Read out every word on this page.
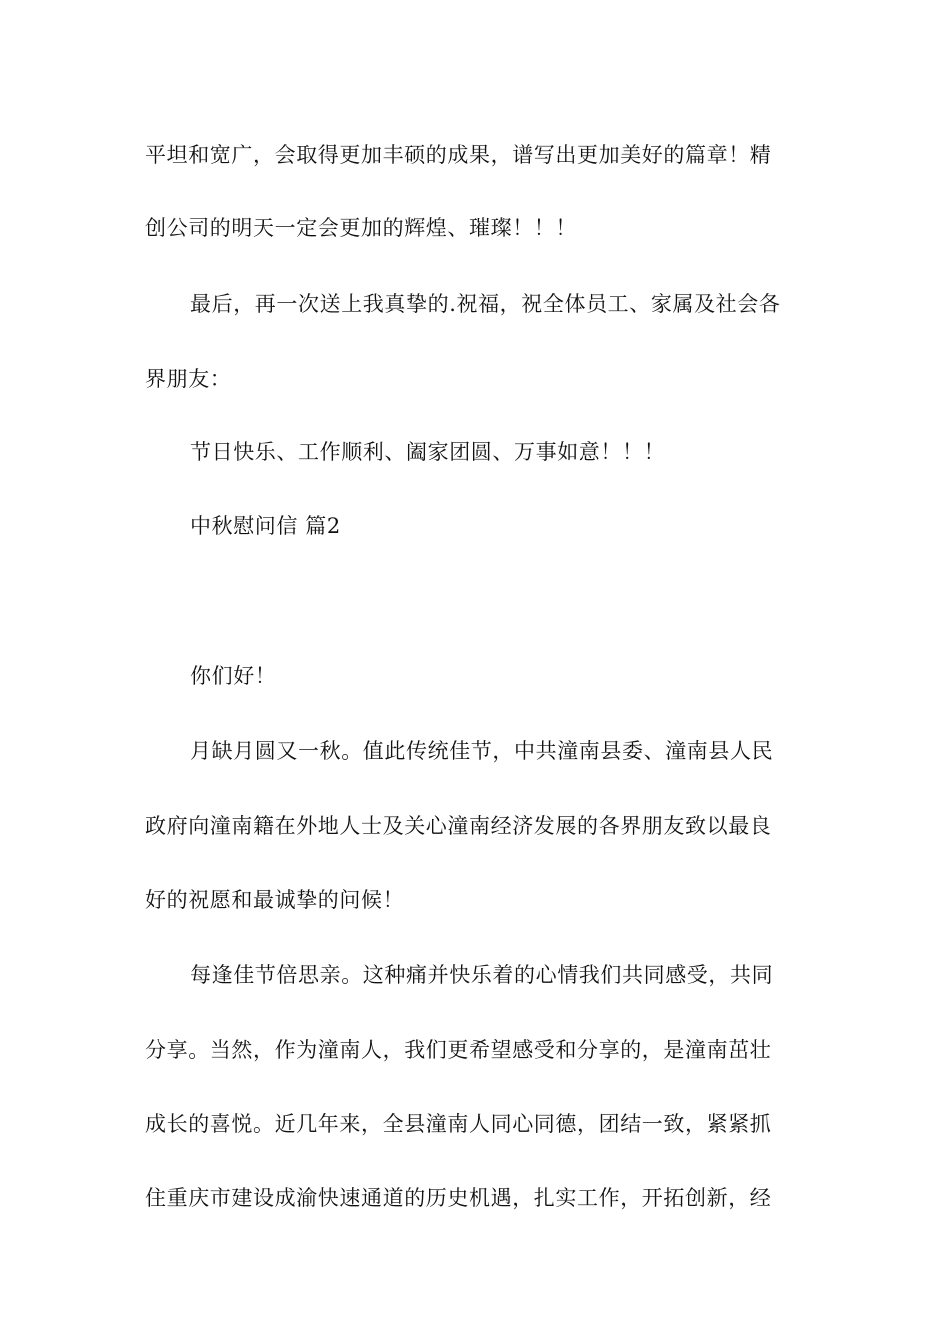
平坦和宽广，会取得更加丰硕的成果，谱写出更加美好的篇章！精
创公司的明天一定会更加的辉煌、璀璨！！！
最后，再一次送上我真挚的.祝福，祝全体员工、家属及社会各
界朋友：
节日快乐、工作顺利、阖家团圆、万事如意！！！
中秋慰问信 篇2
你们好！
月缺月圆又一秋。值此传统佳节，中共潼南县委、潼南县人民
政府向潼南籍在外地人士及关心潼南经济发展的各界朋友致以最良
好的祝愿和最诚挚的问候！
每逢佳节倍思亲。这种痛并快乐着的心情我们共同感受，共同
分享。当然，作为潼南人，我们更希望感受和分享的，是潼南茁壮
成长的喜悦。近几年来，全县潼南人同心同德，团结一致，紧紧抓
住重庆市建设成渝快速通道的历史机遇，扎实工作，开拓创新，经
